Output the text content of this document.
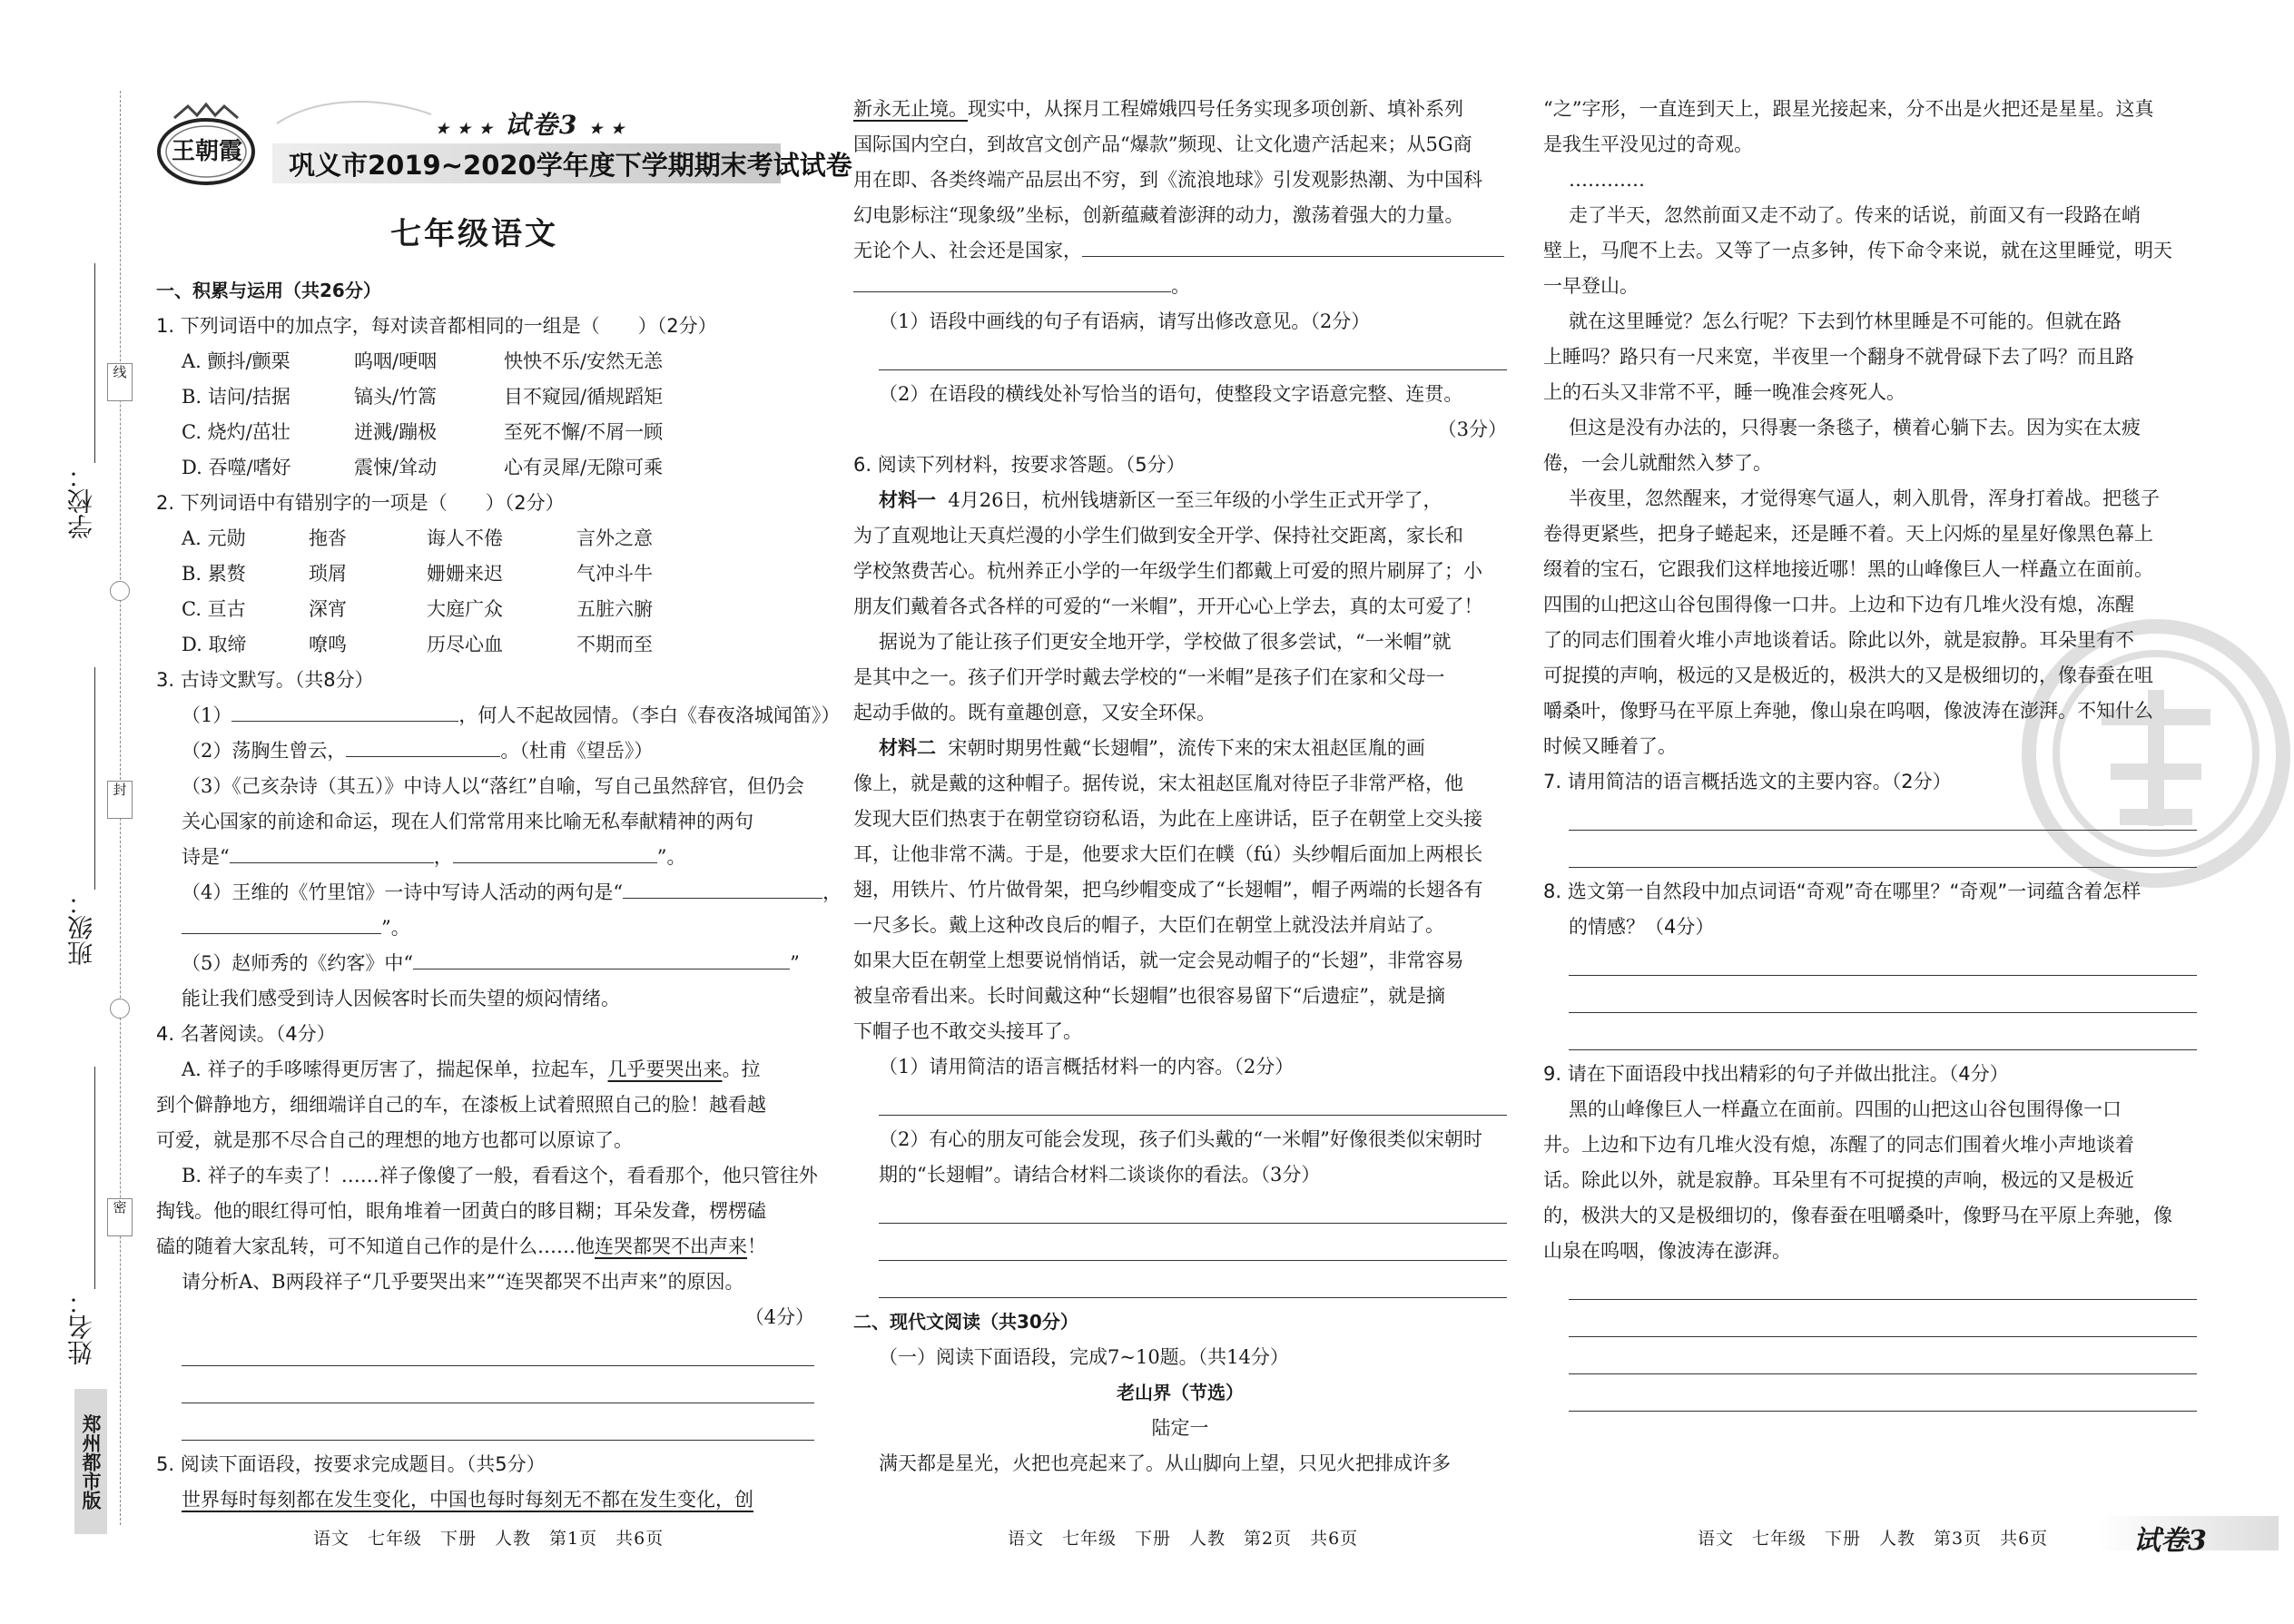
学校：
班级：
姓名：
线
封
密
郑州都市版
王朝霞
★ ★ ★ 试卷3 ★ ★
巩义市2019~2020学年度下学期期末考试试卷
七年级语文
一、积累与运用（共26分）
1. 下列词语中的加点字，每对读音都相同的一组是（　　）（2分）
A. 颤抖/颤栗	呜咽/哽咽	怏怏不乐/安然无恙
B. 诘问/拮据	镐头/竹篙	目不窥园/循规蹈矩
C. 烧灼/茁壮	迸溅/蹦极	至死不懈/不屑一顾
D. 吞噬/嗜好	震悚/耸动	心有灵犀/无隙可乘
2. 下列词语中有错别字的一项是（　　）（2分）
A. 元勋	拖沓	诲人不倦	言外之意
B. 累赘	琐屑	姗姗来迟	气冲斗牛
C. 亘古	深宵	大庭广众	五脏六腑
D. 取缔	嘹鸣	历尽心血	不期而至
3. 古诗文默写。（共8分）
（1）	，何人不起故园情。（李白《春夜洛城闻笛》）
（2）荡胸生曾云，	。（杜甫《望岳》）
（3）《己亥杂诗（其五）》中诗人以“落红”自喻，写自己虽然辞官，但仍会
关心国家的前途和命运，现在人们常常用来比喻无私奉献精神的两句
诗是“	，	”。
（4）王维的《竹里馆》一诗中写诗人活动的两句是“	，
”。
（5）赵师秀的《约客》中“	”
能让我们感受到诗人因候客时长而失望的烦闷情绪。
4. 名著阅读。（4分）
A. 祥子的手哆嗦得更厉害了，揣起保单，拉起车，几乎要哭出来。拉
到个僻静地方，细细端详自己的车，在漆板上试着照照自己的脸！越看越
可爱，就是那不尽合自己的理想的地方也都可以原谅了。
B. 祥子的车卖了！……祥子像傻了一般，看看这个，看看那个，他只管往外
掏钱。他的眼红得可怕，眼角堆着一团黄白的眵目糊；耳朵发聋，楞楞磕
磕的随着大家乱转，可不知道自己作的是什么……他连哭都哭不出声来！
请分析A、B两段祥子“几乎要哭出来”“连哭都哭不出声来”的原因。
（4分）
5. 阅读下面语段，按要求完成题目。（共5分）
世界每时每刻都在发生变化，中国也每时每刻无不都在发生变化，创
新永无止境。现实中，从探月工程嫦娥四号任务实现多项创新、填补系列
国际国内空白，到故宫文创产品“爆款”频现、让文化遗产活起来；从5G商
用在即、各类终端产品层出不穷，到《流浪地球》引发观影热潮、为中国科
幻电影标注“现象级”坐标，创新蕴藏着澎湃的动力，激荡着强大的力量。
无论个人、社会还是国家，
。
（1）语段中画线的句子有语病，请写出修改意见。（2分）
（2）在语段的横线处补写恰当的语句，使整段文字语意完整、连贯。
（3分）
6. 阅读下列材料，按要求答题。（5分）
材料一 4月26日，杭州钱塘新区一至三年级的小学生正式开学了，
为了直观地让天真烂漫的小学生们做到安全开学、保持社交距离，家长和
学校煞费苦心。杭州养正小学的一年级学生们都戴上可爱的照片刷屏了；小
朋友们戴着各式各样的可爱的“一米帽”，开开心心上学去，真的太可爱了！
据说为了能让孩子们更安全地开学，学校做了很多尝试，“一米帽”就
是其中之一。孩子们开学时戴去学校的“一米帽”是孩子们在家和父母一
起动手做的。既有童趣创意，又安全环保。
材料二 宋朝时期男性戴“长翅帽”，流传下来的宋太祖赵匡胤的画
像上，就是戴的这种帽子。据传说，宋太祖赵匡胤对待臣子非常严格，他
发现大臣们热衷于在朝堂窃窃私语，为此在上座讲话，臣子在朝堂上交头接
耳，让他非常不满。于是，他要求大臣们在幞（fú）头纱帽后面加上两根长
翅，用铁片、竹片做骨架，把乌纱帽变成了“长翅帽”，帽子两端的长翅各有
一尺多长。戴上这种改良后的帽子，大臣们在朝堂上就没法并肩站了。
如果大臣在朝堂上想要说悄悄话，就一定会晃动帽子的“长翅”，非常容易
被皇帝看出来。长时间戴这种“长翅帽”也很容易留下“后遗症”，就是摘
下帽子也不敢交头接耳了。
（1）请用简洁的语言概括材料一的内容。（2分）
（2）有心的朋友可能会发现，孩子们头戴的“一米帽”好像很类似宋朝时
期的“长翅帽”。请结合材料二谈谈你的看法。（3分）
二、现代文阅读（共30分）
（一）阅读下面语段，完成7~10题。（共14分）
老山界（节选）
陆定一
满天都是星光，火把也亮起来了。从山脚向上望，只见火把排成许多
“之”字形，一直连到天上，跟星光接起来，分不出是火把还是星星。这真
是我生平没见过的奇观。
…………
走了半天，忽然前面又走不动了。传来的话说，前面又有一段路在峭
壁上，马爬不上去。又等了一点多钟，传下命令来说，就在这里睡觉，明天
一早登山。
就在这里睡觉？怎么行呢？下去到竹林里睡是不可能的。但就在路
上睡吗？路只有一尺来宽，半夜里一个翻身不就骨碌下去了吗？而且路
上的石头又非常不平，睡一晚准会疼死人。
但这是没有办法的，只得裹一条毯子，横着心躺下去。因为实在太疲
倦，一会儿就酣然入梦了。
半夜里，忽然醒来，才觉得寒气逼人，刺入肌骨，浑身打着战。把毯子
卷得更紧些，把身子蜷起来，还是睡不着。天上闪烁的星星好像黑色幕上
缀着的宝石，它跟我们这样地接近哪！黑的山峰像巨人一样矗立在面前。
四围的山把这山谷包围得像一口井。上边和下边有几堆火没有熄，冻醒
了的同志们围着火堆小声地谈着话。除此以外，就是寂静。耳朵里有不
可捉摸的声响，极远的又是极近的，极洪大的又是极细切的，像春蚕在咀
嚼桑叶，像野马在平原上奔驰，像山泉在呜咽，像波涛在澎湃。不知什么
时候又睡着了。
7. 请用简洁的语言概括选文的主要内容。（2分）
8. 选文第一自然段中加点词语“奇观”奇在哪里？“奇观”一词蕴含着怎样
的情感？（4分）
9. 请在下面语段中找出精彩的句子并做出批注。（4分）
黑的山峰像巨人一样矗立在面前。四围的山把这山谷包围得像一口
井。上边和下边有几堆火没有熄，冻醒了的同志们围着火堆小声地谈着
话。除此以外，就是寂静。耳朵里有不可捉摸的声响，极远的又是极近
的，极洪大的又是极细切的，像春蚕在咀嚼桑叶，像野马在平原上奔驰，像
山泉在呜咽，像波涛在澎湃。
语文　七年级　下册　人教　第1页　共6页	语文　七年级　下册　人教　第2页　共6页	语文　七年级　下册　人教　第3页　共6页	试卷3
